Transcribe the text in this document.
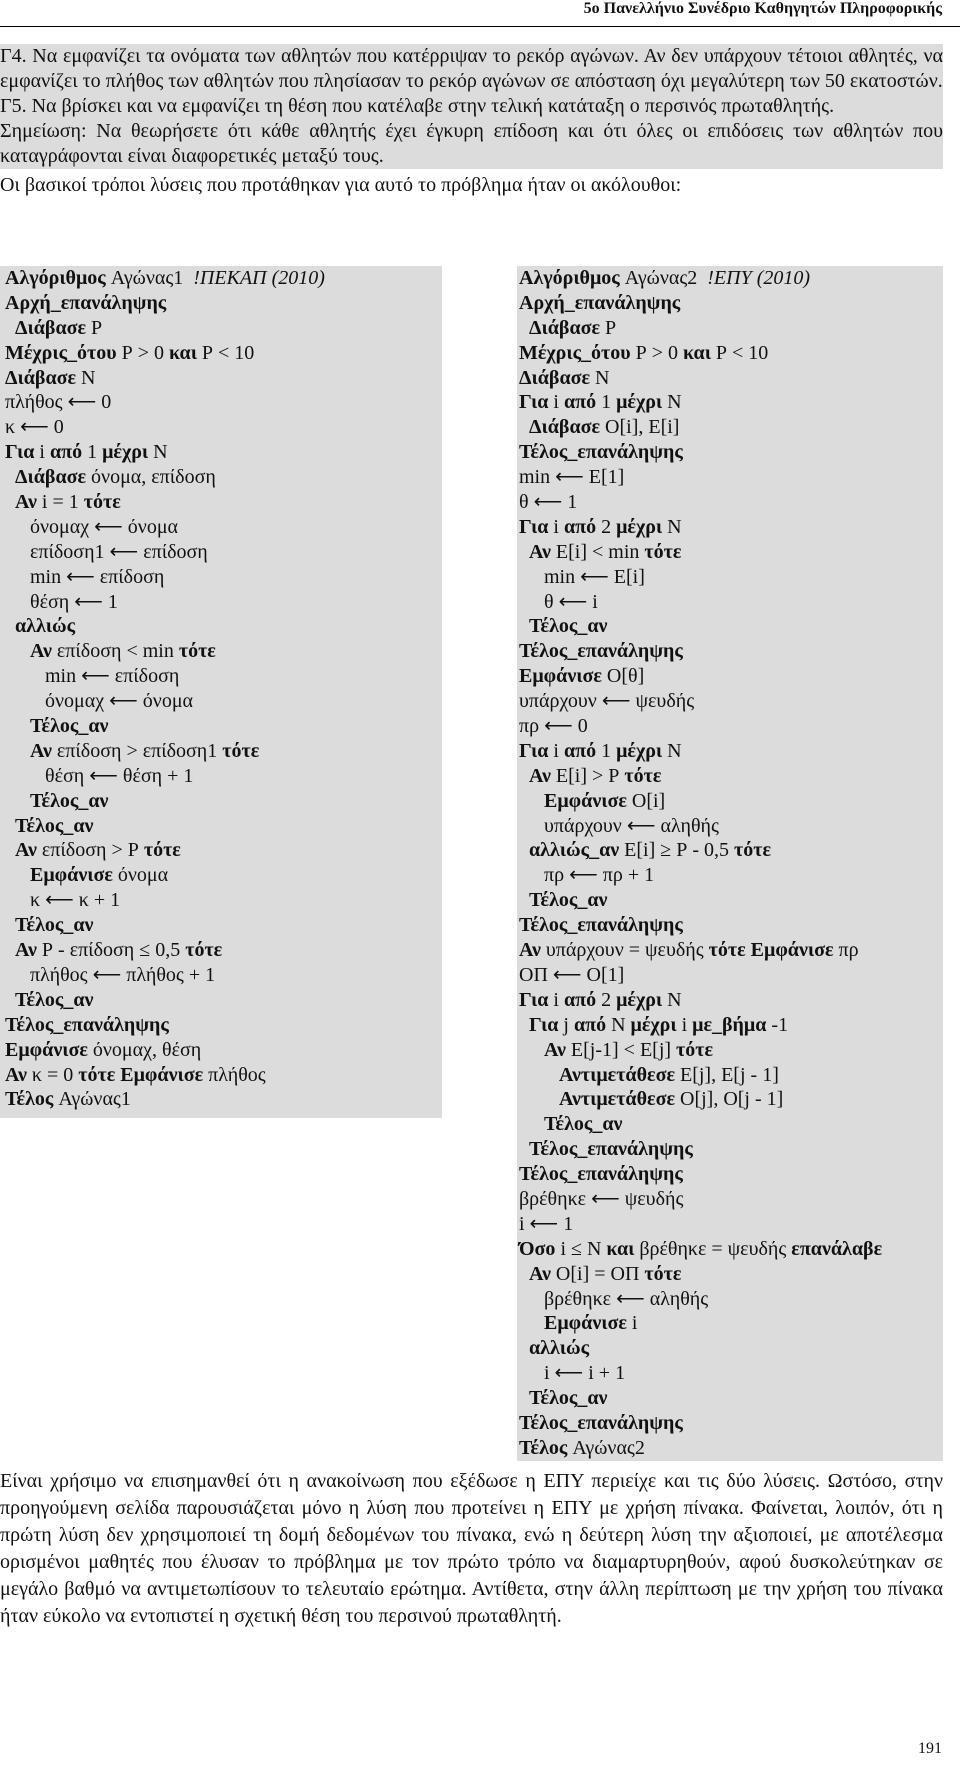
5ο Πανελλήνιο Συνέδριο Καθηγητών Πληροφορικής

Γ4. Να εμφανίζει τα ονόματα των αθλητών που κατέρριψαν το ρεκόρ αγώνων. Αν δεν υπάρχουν τέτοιοι αθλητές, να εμφανίζει το πλήθος των αθλητών που πλησίασαν το ρεκόρ αγώνων σε απόσταση όχι μεγαλύτερη των 50 εκατοστών.

Γ5. Να βρίσκει και να εμφανίζει τη θέση που κατέλαβε στην τελική κατάταξη ο περσινός πρωταθλητής.

Σημείωση: Να θεωρήσετε ότι κάθε αθλητής έχει έγκυρη επίδοση και ότι όλες οι επιδόσεις των αθλητών που καταγράφονται είναι διαφορετικές μεταξύ τους.

Οι βασικοί τρόποι λύσεις που προτάθηκαν για αυτό το πρόβλημα ήταν οι ακόλουθοι:

Αλγόριθμος Αγώνας1  !ΠΕΚΑΠ (2010)
Αρχή_επανάληψης
Διάβασε P
Μέχρις_ότου P > 0 και P < 10
Διάβασε N
πλήθος ⟵ 0
κ ⟵ 0
Για i από 1 μέχρι N
Διάβασε όνομα, επίδοση
Αν i = 1 τότε
όνομαχ ⟵ όνομα
επίδοση1 ⟵ επίδοση
min ⟵ επίδοση
θέση ⟵ 1
αλλιώς
Αν επίδοση < min τότε
min ⟵ επίδοση
όνομαχ ⟵ όνομα
Τέλος_αν
Αν επίδοση > επίδοση1 τότε
θέση ⟵ θέση + 1
Τέλος_αν
Τέλος_αν
Αν επίδοση > P τότε
Εμφάνισε όνομα
κ ⟵ κ + 1
Τέλος_αν
Αν P - επίδοση ≤ 0,5 τότε
πλήθος ⟵ πλήθος + 1
Τέλος_αν
Τέλος_επανάληψης
Εμφάνισε όνομαχ, θέση
Αν κ = 0 τότε Εμφάνισε πλήθος
Τέλος Αγώνας1
Αλγόριθμος Αγώνας2  !ΕΠΥ (2010)
Αρχή_επανάληψης
Διάβασε P
Μέχρις_ότου P > 0 και P < 10
Διάβασε N
Για i από 1 μέχρι N
Διάβασε O[i], E[i]
Τέλος_επανάληψης
min ⟵ E[1]
θ ⟵ 1
Για i από 2 μέχρι N
Αν E[i] < min τότε
min ⟵ E[i]
θ ⟵ i
Τέλος_αν
Τέλος_επανάληψης
Εμφάνισε O[θ]
υπάρχουν ⟵ ψευδής
πρ ⟵ 0
Για i από 1 μέχρι N
Αν E[i] > P τότε
Εμφάνισε O[i]
υπάρχουν ⟵ αληθής
αλλιώς_αν E[i] ≥ P - 0,5 τότε
πρ ⟵ πρ + 1
Τέλος_αν
Τέλος_επανάληψης
Αν υπάρχουν = ψευδής τότε Εμφάνισε πρ
ΟΠ ⟵ O[1]
Για i από 2 μέχρι N
Για j από N μέχρι i με_βήμα -1
Αν E[j-1] < E[j] τότε
Αντιμετάθεσε E[j], E[j - 1]
Αντιμετάθεσε O[j], O[j - 1]
Τέλος_αν
Τέλος_επανάληψης
Τέλος_επανάληψης
βρέθηκε ⟵ ψευδής
i ⟵ 1
Όσο i ≤ N και βρέθηκε = ψευδής επανάλαβε
Αν O[i] = ΟΠ τότε
βρέθηκε ⟵ αληθής
Εμφάνισε i
αλλιώς
i ⟵ i + 1
Τέλος_αν
Τέλος_επανάληψης
Τέλος Αγώνας2

Είναι χρήσιμο να επισημανθεί ότι η ανακοίνωση που εξέδωσε η ΕΠΥ περιείχε και τις δύο λύσεις. Ωστόσο, στην προηγούμενη σελίδα παρουσιάζεται μόνο η λύση που προτείνει η ΕΠΥ με χρήση πίνακα. Φαίνεται, λοιπόν, ότι η πρώτη λύση δεν χρησιμοποιεί τη δομή δεδομένων του πίνακα, ενώ η δεύτερη λύση την αξιοποιεί, με αποτέλεσμα ορισμένοι μαθητές που έλυσαν το πρόβλημα με τον πρώτο τρόπο να διαμαρτυρηθούν, αφού δυσκολεύτηκαν σε μεγάλο βαθμό να αντιμετωπίσουν το τελευταίο ερώτημα. Αντίθετα, στην άλλη περίπτωση με την χρήση του πίνακα ήταν εύκολο να εντοπιστεί η σχετική θέση του περσινού πρωταθλητή.

191
